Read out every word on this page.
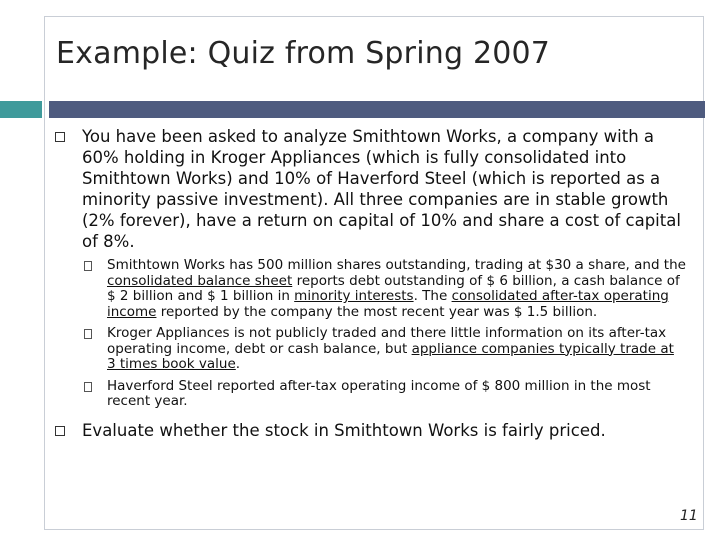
Example: Quiz from Spring 2007
You have been asked to analyze Smithtown Works, a company with a 60% holding in Kroger Appliances (which is fully consolidated into Smithtown Works) and 10% of Haverford Steel (which is reported as a minority passive investment). All three companies are in stable growth (2% forever), have a return on capital of 10% and share a cost of capital of 8%.
Smithtown Works has 500 million shares outstanding, trading at $30 a share, and the consolidated balance sheet reports debt outstanding of $ 6 billion, a cash balance of $ 2 billion and $ 1 billion in minority interests. The consolidated after-tax operating income reported by the company the most recent year was $ 1.5 billion.
Kroger Appliances is not publicly traded and there little information on its after-tax operating income, debt or cash balance, but appliance companies typically trade at 3 times book value.
Haverford Steel reported after-tax operating income of $ 800 million in the most recent year.
Evaluate whether the stock in Smithtown Works is fairly priced.
11
